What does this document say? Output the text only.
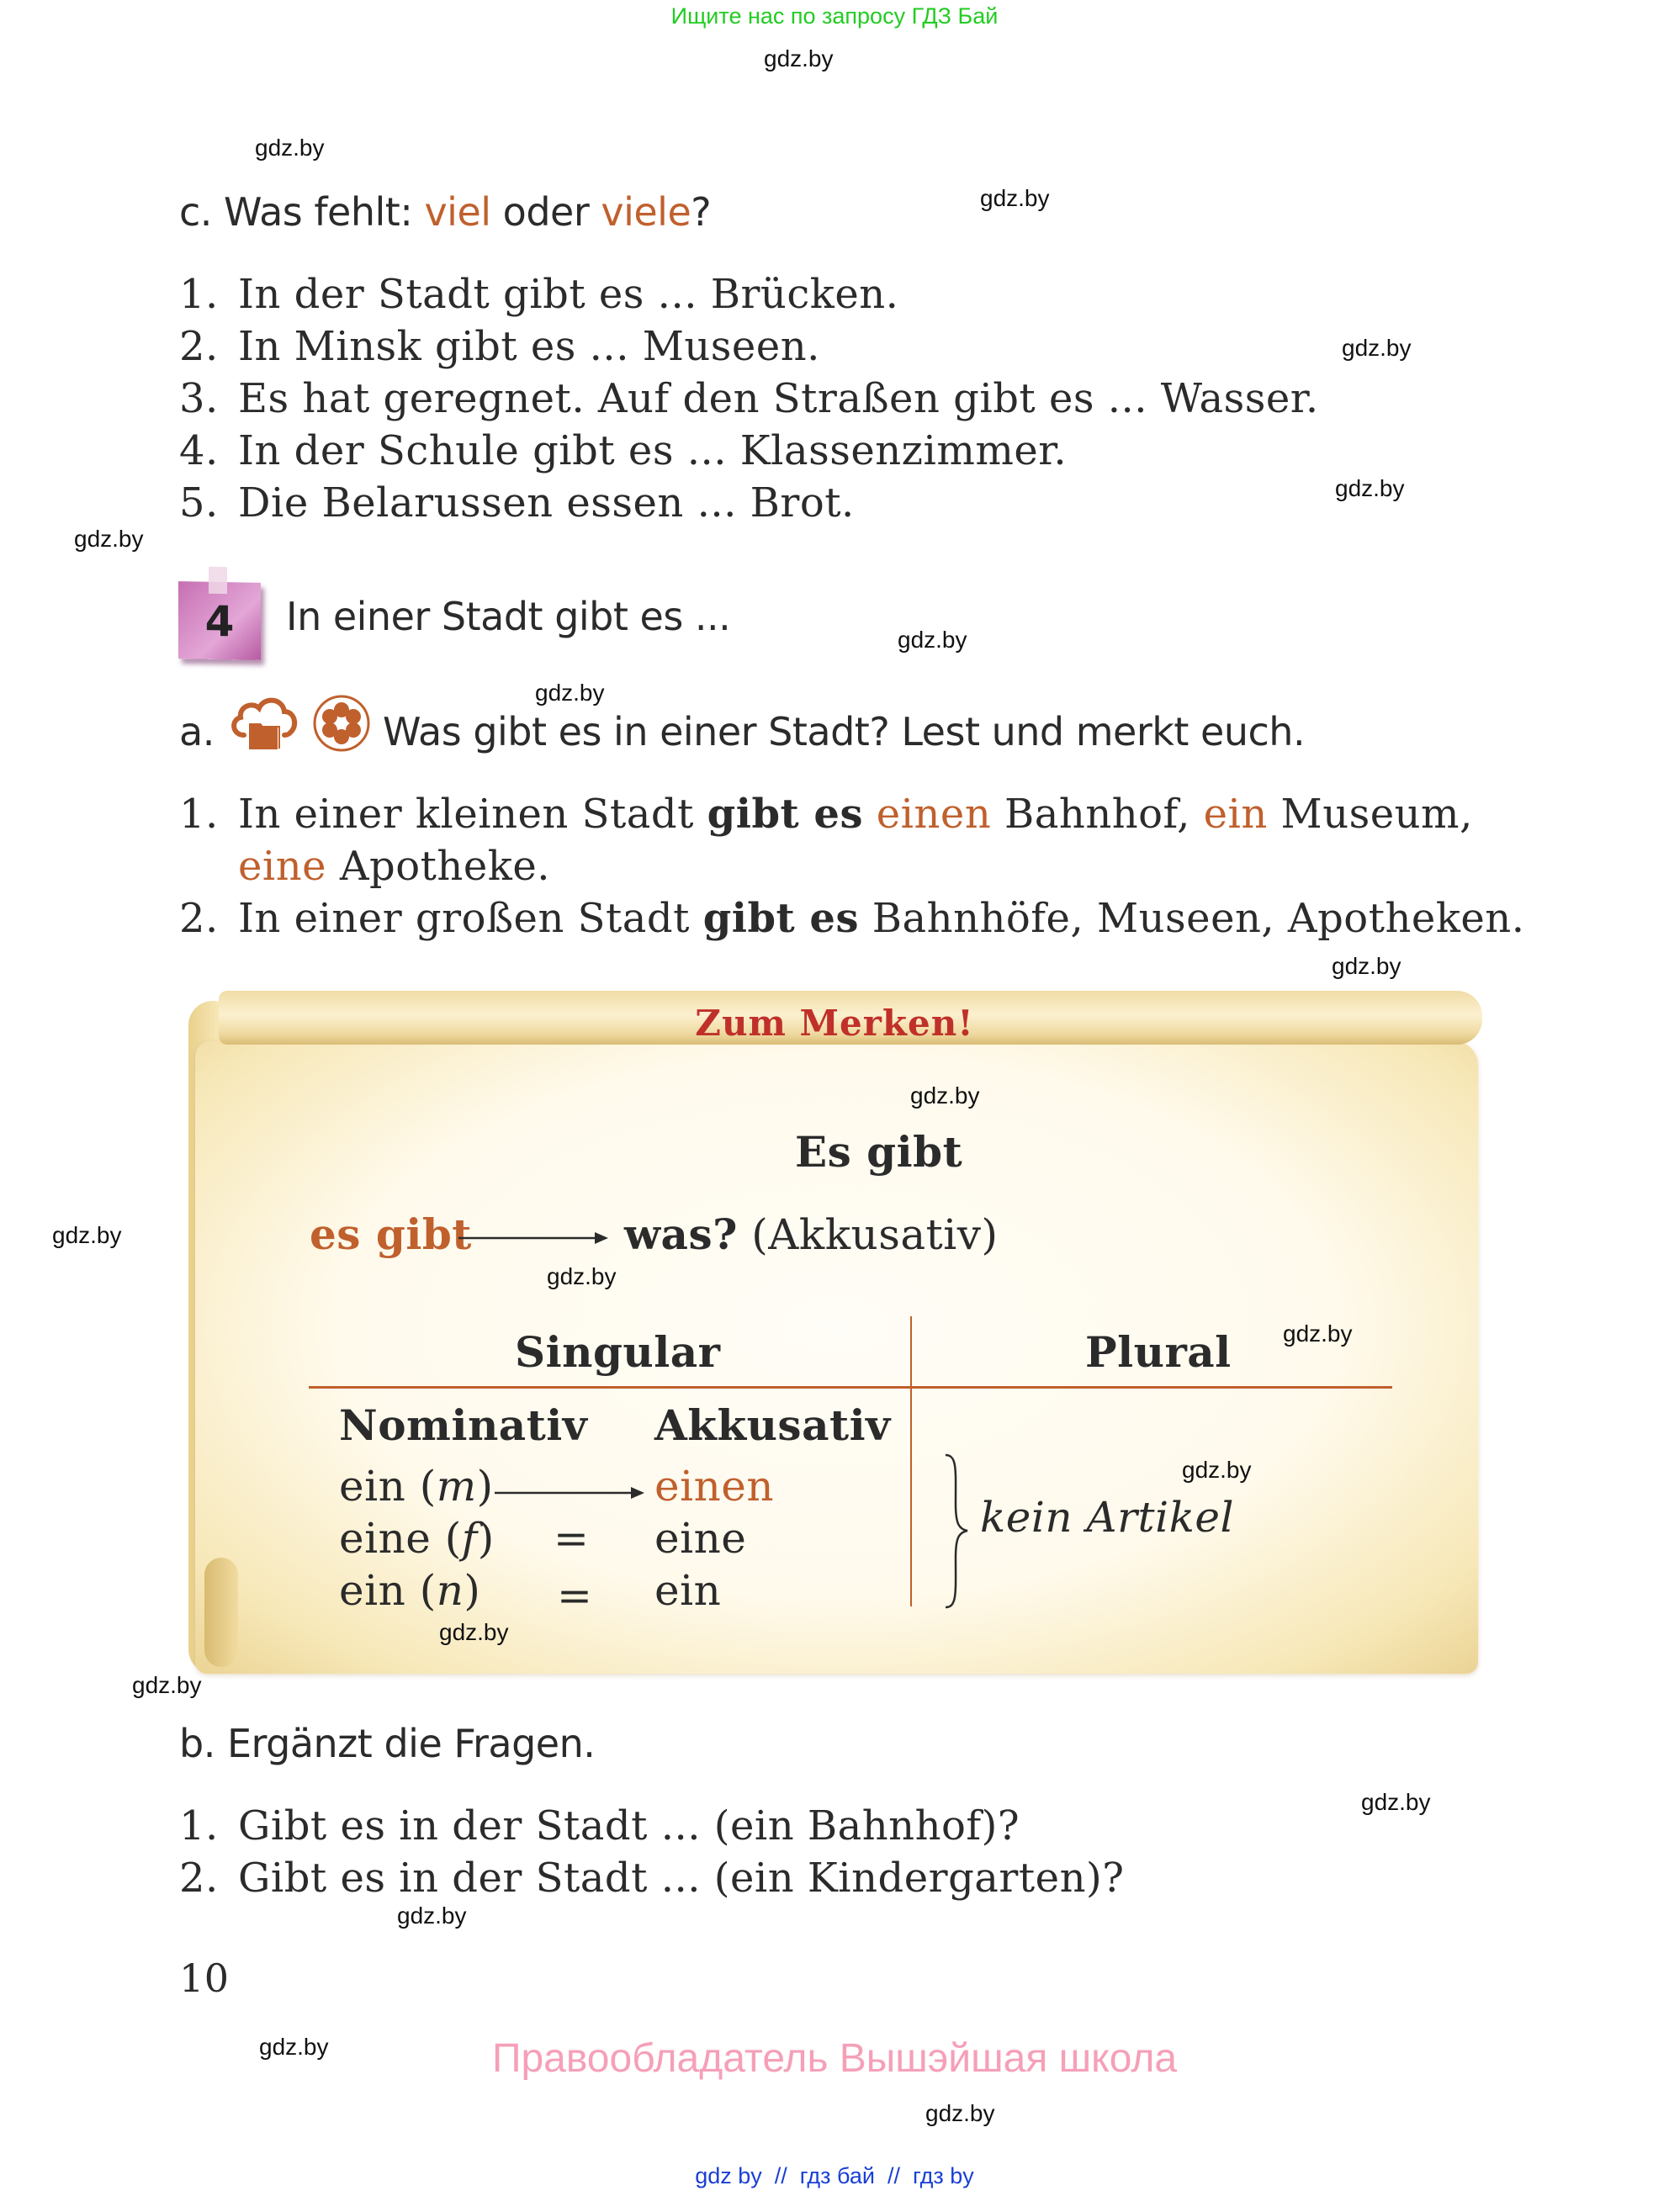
Ищите нас по запросу ГДЗ Бай
gdz.by
gdz.by
gdz.by
gdz.by
gdz.by
gdz.by
gdz.by
gdz.by
gdz.by
c. Was fehlt: viel oder viele?
1. In der Stadt gibt es ... Brücken.
2. In Minsk gibt es ... Museen.
3. Es hat geregnet. Auf den Straßen gibt es ... Wasser.
4. In der Schule gibt es ... Klassenzimmer.
5. Die Belarussen essen ... Brot.
4	In einer Stadt gibt es ...
a.	Was gibt es in einer Stadt? Lest und merkt euch.
1. In einer kleinen Stadt gibt es einen Bahnhof, ein Museum,
eine Apotheke.
2. In einer großen Stadt gibt es Bahnhöfe, Museen, Apotheken.
Zum Merken!
Es gibt
es gibt	was? (Akkusativ)
Singular	Plural
Nominativ Akkusativ
ein (m)	einen
eine (f) = eine
ein (n) = ein
kein Artikel
gdz.by
gdz.by
gdz.by
gdz.by
gdz.by
gdz.by
gdz.by
b. Ergänzt die Fragen.
1. Gibt es in der Stadt ... (ein Bahnhof)?
2. Gibt es in der Stadt ... (ein Kindergarten)?
gdz.by
gdz.by
10
gdz.by	Правообладатель Вышэйшая школа
gdz.by
gdz by  //  гдз бай  //  гдз by
